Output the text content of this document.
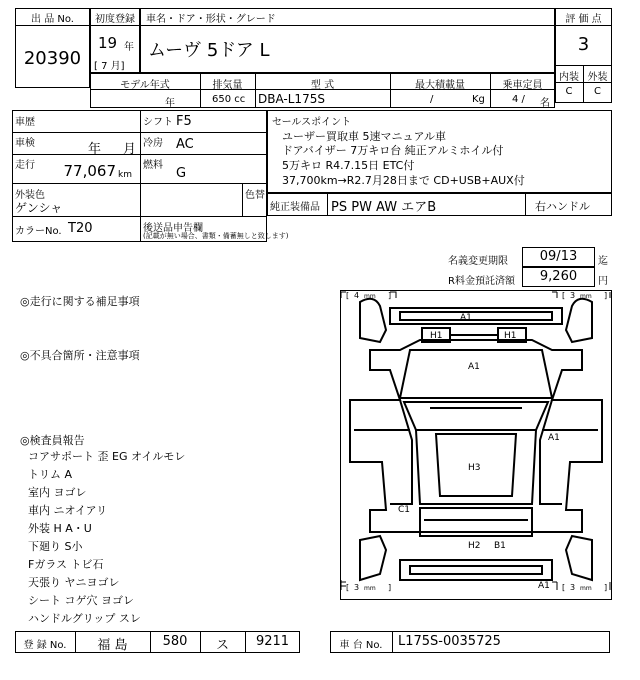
出 品 No.
20390
初度登録
19 年
[ 7 月]
車名・ドア・形状・グレード
ムーヴ 5ドア L
評 価 点
3
内装 外装
C	C
モデル年式
年
排気量
650 cc
型 式
DBA-L175S
最大積載量
/	Kg
乗車定員
4 / 名
車歴
車検	年 月
走行	77,067 km
シフト F5
冷房 AC
燃料
G
外装色
ゲンシャ
色替
カラーNo. T20	後送品申告欄
(記載が無い場合、書類・備蓄無しと致します)
セールスポイント
ユーザー買取車 5速マニュアル車
ドアバイザー 7万キロ台 純正アルミホイル付
5万キロ R4.7.15日 ETC付
37,700km→R2.7月28日まで CD+USB+AUX付
純正装備品 PS PW AW エアB	右ハンドル
名義変更期限	09/13	迄
R料金預託済額	9,260	円
◎走行に関する補足事項
◎不具合箇所・注意事項
◎検査員報告
コアサポート 歪 EG オイルモレ
トリム A
室内 ヨゴレ
車内 ニオイアリ
外装 H A・U
下廻り S小
Fガラス トビ石
天張り ヤニヨゴレ
シート コゲ穴 ヨゴレ
ハンドルグリップ スレ
[ 4 mm ]	[ 3 mm ]
[ 3 mm ]	[ 3 mm ]
A1
H1	H1
A1
A1
H3
C1
H2 B1
A1
登 録 No.	福 島	580	ス	9211	車 台 No.	L175S-0035725
